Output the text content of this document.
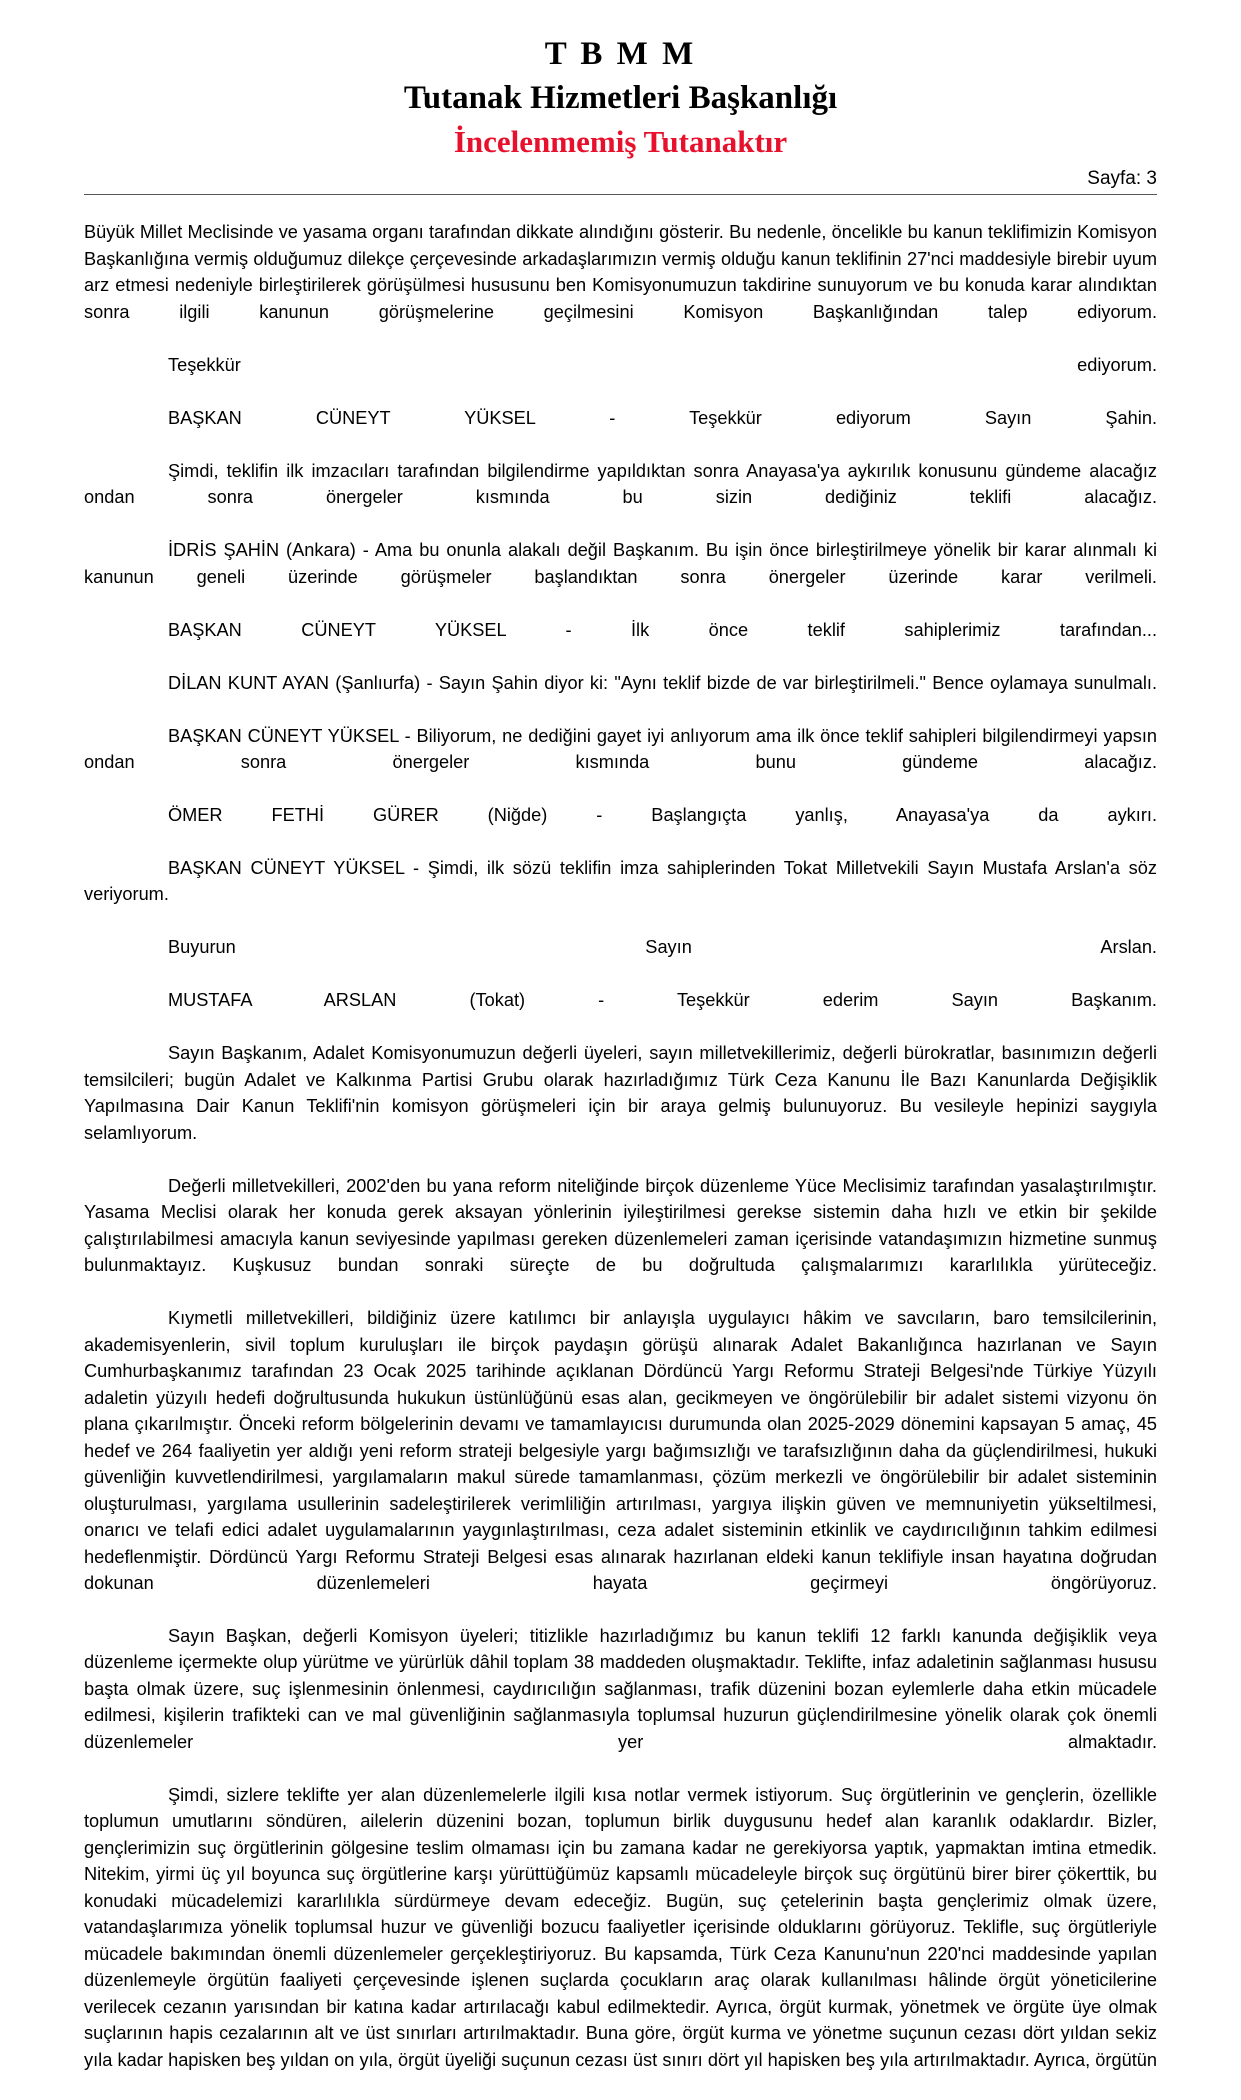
T B M M
Tutanak Hizmetleri Başkanlığı
İncelenmemiş Tutanaktır
Sayfa: 3

Büyük Millet Meclisinde ve yasama organı tarafından dikkate alındığını gösterir. Bu nedenle, öncelikle bu kanun teklifimizin Komisyon Başkanlığına vermiş olduğumuz dilekçe çerçevesinde arkadaşlarımızın vermiş olduğu kanun teklifinin 27'nci maddesiyle birebir uyum arz etmesi nedeniyle birleştirilerek görüşülmesi hususunu ben Komisyonumuzun takdirine sunuyorum ve bu konuda karar alındıktan sonra ilgili kanunun görüşmelerine geçilmesini Komisyon Başkanlığından talep ediyorum.

Teşekkür ediyorum.

BAŞKAN CÜNEYT YÜKSEL - Teşekkür ediyorum Sayın Şahin.

Şimdi, teklifin ilk imzacıları tarafından bilgilendirme yapıldıktan sonra Anayasa'ya aykırılık konusunu gündeme alacağız ondan sonra önergeler kısmında bu sizin dediğiniz teklifi alacağız.

İDRİS ŞAHİN (Ankara) - Ama bu onunla alakalı değil Başkanım. Bu işin önce birleştirilmeye yönelik bir karar alınmalı ki kanunun geneli üzerinde görüşmeler başlandıktan sonra önergeler üzerinde karar verilmeli.

BAŞKAN CÜNEYT YÜKSEL - İlk önce teklif sahiplerimiz tarafından...

DİLAN KUNT AYAN (Şanlıurfa) - Sayın Şahin diyor ki: "Aynı teklif bizde de var birleştirilmeli." Bence oylamaya sunulmalı.

BAŞKAN CÜNEYT YÜKSEL - Biliyorum, ne dediğini gayet iyi anlıyorum ama ilk önce teklif sahipleri bilgilendirmeyi yapsın ondan sonra önergeler kısmında bunu gündeme alacağız.

ÖMER FETHİ GÜRER (Niğde) - Başlangıçta yanlış, Anayasa'ya da aykırı.

BAŞKAN CÜNEYT YÜKSEL - Şimdi, ilk sözü teklifin imza sahiplerinden Tokat Milletvekili Sayın Mustafa Arslan'a söz veriyorum.

Buyurun Sayın Arslan.

MUSTAFA ARSLAN (Tokat) - Teşekkür ederim Sayın Başkanım.

Sayın Başkanım, Adalet Komisyonumuzun değerli üyeleri, sayın milletvekillerimiz, değerli bürokratlar, basınımızın değerli temsilcileri; bugün Adalet ve Kalkınma Partisi Grubu olarak hazırladığımız Türk Ceza Kanunu İle Bazı Kanunlarda Değişiklik Yapılmasına Dair Kanun Teklifi'nin komisyon görüşmeleri için bir araya gelmiş bulunuyoruz. Bu vesileyle hepinizi saygıyla selamlıyorum.

Değerli milletvekilleri, 2002'den bu yana reform niteliğinde birçok düzenleme Yüce Meclisimiz tarafından yasalaştırılmıştır. Yasama Meclisi olarak her konuda gerek aksayan yönlerinin iyileştirilmesi gerekse sistemin daha hızlı ve etkin bir şekilde çalıştırılabilmesi amacıyla kanun seviyesinde yapılması gereken düzenlemeleri zaman içerisinde vatandaşımızın hizmetine sunmuş bulunmaktayız. Kuşkusuz bundan sonraki süreçte de bu doğrultuda çalışmalarımızı kararlılıkla yürüteceğiz.

Kıymetli milletvekilleri, bildiğiniz üzere katılımcı bir anlayışla uygulayıcı hâkim ve savcıların, baro temsilcilerinin, akademisyenlerin, sivil toplum kuruluşları ile birçok paydaşın görüşü alınarak Adalet Bakanlığınca hazırlanan ve Sayın Cumhurbaşkanımız tarafından 23 Ocak 2025 tarihinde açıklanan Dördüncü Yargı Reformu Strateji Belgesi'nde Türkiye Yüzyılı adaletin yüzyılı hedefi doğrultusunda hukukun üstünlüğünü esas alan, gecikmeyen ve öngörülebilir bir adalet sistemi vizyonu ön plana çıkarılmıştır. Önceki reform bölgelerinin devamı ve tamamlayıcısı durumunda olan 2025-2029 dönemini kapsayan 5 amaç, 45 hedef ve 264 faaliyetin yer aldığı yeni reform strateji belgesiyle yargı bağımsızlığı ve tarafsızlığının daha da güçlendirilmesi, hukuki güvenliğin kuvvetlendirilmesi, yargılamaların makul sürede tamamlanması, çözüm merkezli ve öngörülebilir bir adalet sisteminin oluşturulması, yargılama usullerinin sadeleştirilerek verimliliğin artırılması, yargıya ilişkin güven ve memnuniyetin yükseltilmesi, onarıcı ve telafi edici adalet uygulamalarının yaygınlaştırılması, ceza adalet sisteminin etkinlik ve caydırıcılığının tahkim edilmesi hedeflenmiştir. Dördüncü Yargı Reformu Strateji Belgesi esas alınarak hazırlanan eldeki kanun teklifiyle insan hayatına doğrudan dokunan düzenlemeleri hayata geçirmeyi öngörüyoruz.

Sayın Başkan, değerli Komisyon üyeleri; titizlikle hazırladığımız bu kanun teklifi 12 farklı kanunda değişiklik veya düzenleme içermekte olup yürütme ve yürürlük dâhil toplam 38 maddeden oluşmaktadır. Teklifte, infaz adaletinin sağlanması hususu başta olmak üzere, suç işlenmesinin önlenmesi, caydırıcılığın sağlanması, trafik düzenini bozan eylemlerle daha etkin mücadele edilmesi, kişilerin trafikteki can ve mal güvenliğinin sağlanmasıyla toplumsal huzurun güçlendirilmesine yönelik olarak çok önemli düzenlemeler yer almaktadır.

Şimdi, sizlere teklifte yer alan düzenlemelerle ilgili kısa notlar vermek istiyorum. Suç örgütlerinin ve gençlerin, özellikle toplumun umutlarını söndüren, ailelerin düzenini bozan, toplumun birlik duygusunu hedef alan karanlık odaklardır. Bizler, gençlerimizin suç örgütlerinin gölgesine teslim olmaması için bu zamana kadar ne gerekiyorsa yaptık, yapmaktan imtina etmedik. Nitekim, yirmi üç yıl boyunca suç örgütlerine karşı yürüttüğümüz kapsamlı mücadeleyle birçok suç örgütünü birer birer çökerttik, bu konudaki mücadelemizi kararlılıkla sürdürmeye devam edeceğiz. Bugün, suç çetelerinin başta gençlerimiz olmak üzere, vatandaşlarımıza yönelik toplumsal huzur ve güvenliği bozucu faaliyetler içerisinde olduklarını görüyoruz. Teklifle, suç örgütleriyle mücadele bakımından önemli düzenlemeler gerçekleştiriyoruz. Bu kapsamda, Türk Ceza Kanunu'nun 220'nci maddesinde yapılan düzenlemeyle örgütün faaliyeti çerçevesinde işlenen suçlarda çocukların araç olarak kullanılması hâlinde örgüt yöneticilerine verilecek cezanın yarısından bir katına kadar artırılacağı kabul edilmektedir. Ayrıca, örgüt kurmak, yönetmek ve örgüte üye olmak suçlarının hapis cezalarının alt ve üst sınırları artırılmaktadır. Buna göre, örgüt kurma ve yönetme suçunun cezası dört yıldan sekiz yıla kadar hapisken beş yıldan on yıla, örgüt üyeliği suçunun cezası üst sınırı dört yıl hapisken beş yıla artırılmaktadır. Ayrıca, örgütün
